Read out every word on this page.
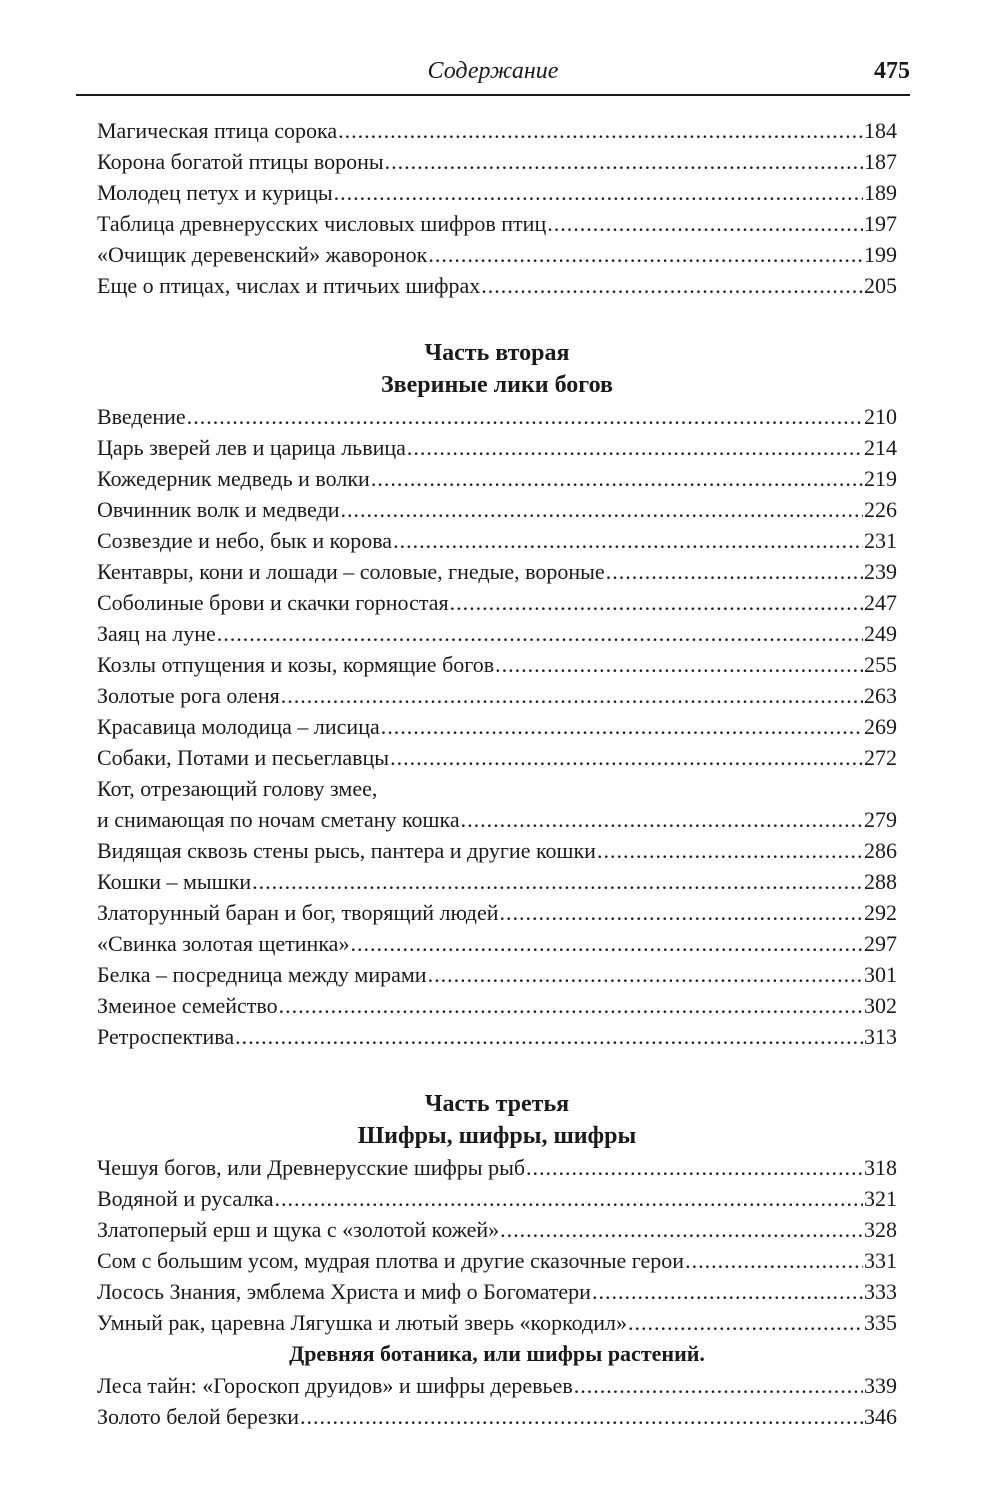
Содержание	475
Магическая птица сорока .....	184
Корона богатой птицы вороны .....	187
Молодец петух и курицы .....	189
Таблица древнерусских числовых шифров птиц .....	197
«Очищик деревенский» жаворонок .....	199
Еще о птицах, числах и птичьих шифрах .....	205
Часть вторая
Звериные лики богов
Введение .....	210
Царь зверей лев и царица львица .....	214
Кожедерник медведь и волки .....	219
Овчинник волк и медведи .....	226
Созвездие и небо, бык и корова .....	231
Кентавры, кони и лошади – соловые, гнедые, вороные .....	239
Соболиные брови и скачки горностая .....	247
Заяц на луне .....	249
Козлы отпущения и козы, кормящие богов .....	255
Золотые рога оленя .....	263
Красавица молодица – лисица .....	269
Собаки, Потами и песьеглавцы .....	272
Кот, отрезающий голову змее,
и снимающая по ночам сметану кошка .....	279
Видящая сквозь стены рысь, пантера и другие кошки .....	286
Кошки – мышки .....	288
Златорунный баран и бог, творящий людей .....	292
«Свинка золотая щетинка» .....	297
Белка – посредница между мирами .....	301
Змеиное семейство .....	302
Ретроспектива .....	313
Часть третья
Шифры, шифры, шифры
Чешуя богов, или Древнерусские шифры рыб .....	318
Водяной и русалка .....	321
Златоперый ерш и щука с «золотой кожей» .....	328
Сом с большим усом, мудрая плотва и другие сказочные герои .....	331
Лосось Знания, эмблема Христа и миф о Богоматери .....	333
Умный рак, царевна Лягушка и лютый зверь «коркодил» .....	335
Древняя ботаника, или шифры растений.
Леса тайн: «Гороскоп друидов» и шифры деревьев .....	339
Золото белой березки .....	346
